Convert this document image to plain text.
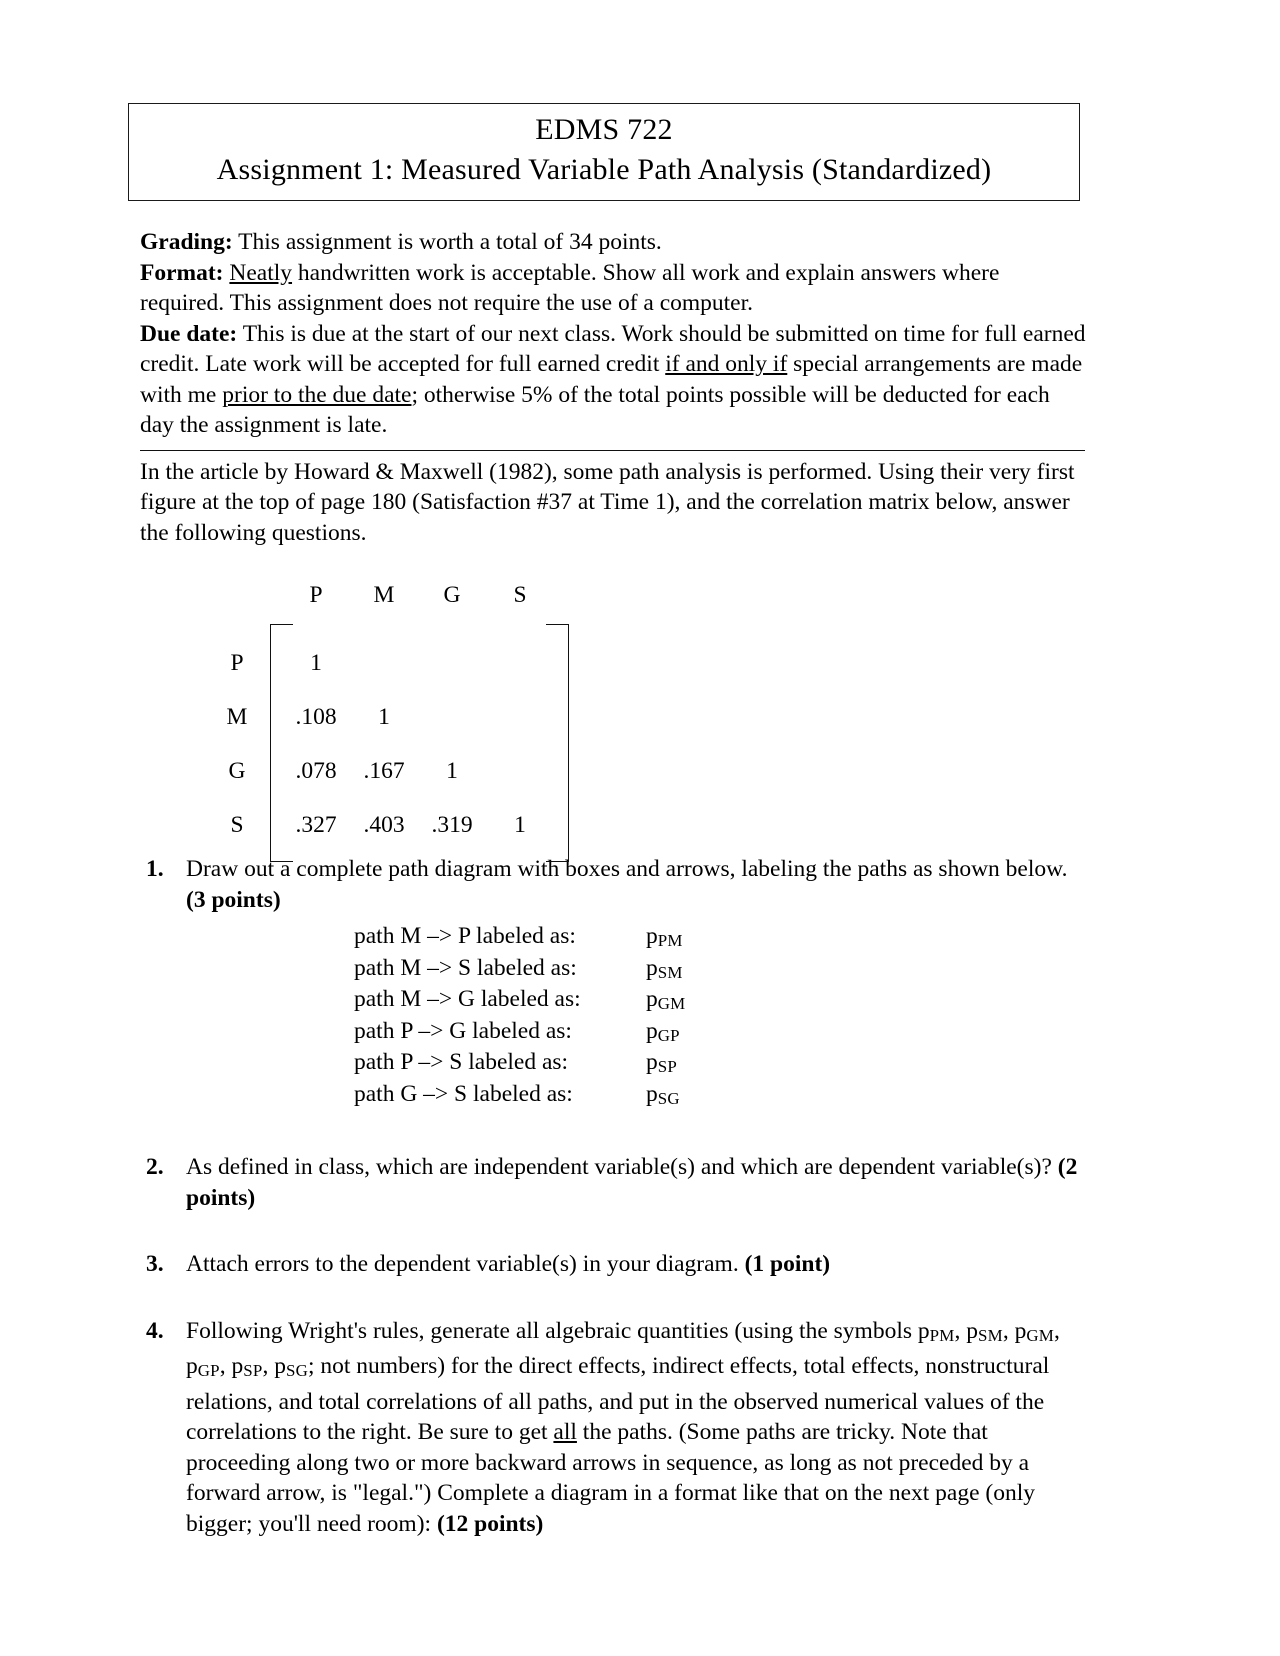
EDMS 722
Assignment 1: Measured Variable Path Analysis (Standardized)

Grading: This assignment is worth a total of 34 points.

Format: Neatly handwritten work is acceptable. Show all work and explain answers where required. This assignment does not require the use of a computer.

Due date: This is due at the start of our next class. Work should be submitted on time for full earned credit. Late work will be accepted for full earned credit if and only if special arrangements are made with me prior to the due date; otherwise 5% of the total points possible will be deducted for each day the assignment is late.

In the article by Howard & Maxwell (1982), some path analysis is performed. Using their very first figure at the top of page 180 (Satisfaction #37 at Time 1), and the correlation matrix below, answer the following questions.
P	M	G	S
P	1
M	.108	1
G	.078	.167	1
S	.327	.403	.319	1
1. Draw out a complete path diagram with boxes and arrows, labeling the paths as shown below. (3 points)

path M –> P labeled as:	$p_{PM}$
path M –> S labeled as:	$p_{SM}$
path M –> G labeled as:	$p_{GM}$
path P –> G labeled as:	$p_{GP}$
path P –> S labeled as:	$p_{SP}$
path G –> S labeled as:	$p_{SG}$
2. As defined in class, which are independent variable(s) and which are dependent variable(s)? (2 points)

3. Attach errors to the dependent variable(s) in your diagram. (1 point)

4. Following Wright's rules, generate all algebraic quantities (using the symbols $p_{PM}$, $p_{SM}$, $p_{GM}$, $p_{GP}$, $p_{SP}$, $p_{SG}$; not numbers) for the direct effects, indirect effects, total effects, nonstructural relations, and total correlations of all paths, and put in the observed numerical values of the correlations to the right. Be sure to get all the paths. (Some paths are tricky. Note that proceeding along two or more backward arrows in sequence, as long as not preceded by a forward arrow, is "legal.") Complete a diagram in a format like that on the next page (only bigger; you'll need room): (12 points)
